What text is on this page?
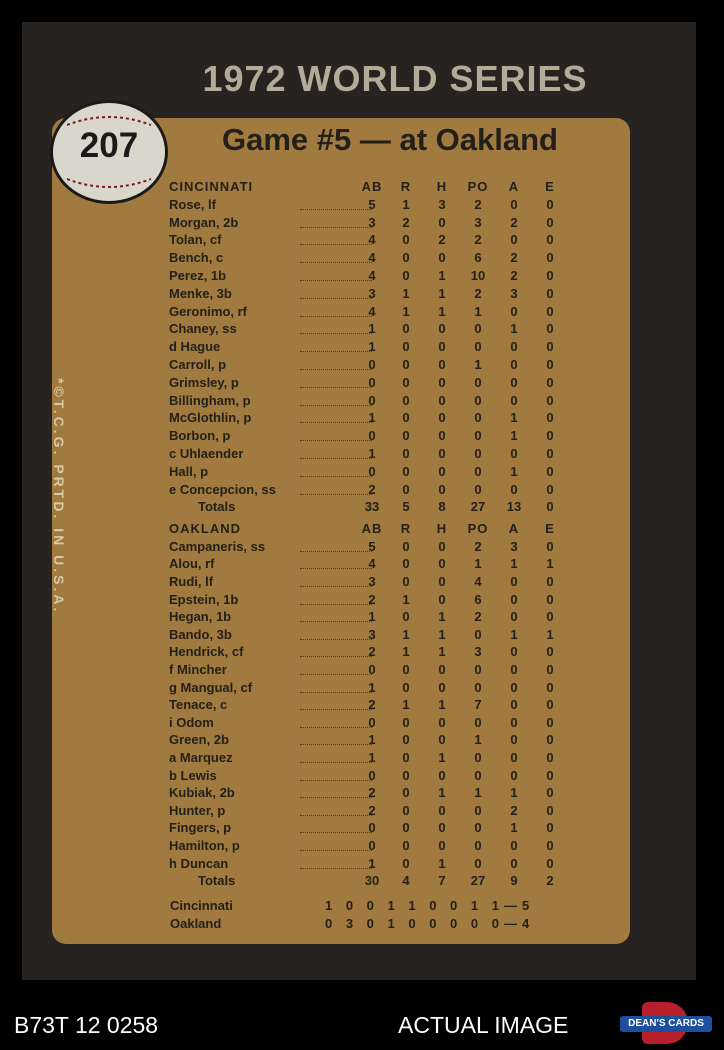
1972 WORLD SERIES
207	Game #5 — at Oakland
*©T.C.G. PRTD. IN U.S.A.
CINCINNATI	AB	R	H	PO	A	E
Rose, lf	5	1	3	2	0	0
Morgan, 2b	3	2	0	3	2	0
Tolan, cf	4	0	2	2	0	0
Bench, c	4	0	0	6	2	0
Perez, 1b	4	0	1	10	2	0
Menke, 3b	3	1	1	2	3	0
Geronimo, rf	4	1	1	1	0	0
Chaney, ss	1	0	0	0	1	0
d Hague	1	0	0	0	0	0
Carroll, p	0	0	0	1	0	0
Grimsley, p	0	0	0	0	0	0
Billingham, p	0	0	0	0	0	0
McGlothlin, p	1	0	0	0	1	0
Borbon, p	0	0	0	0	1	0
c Uhlaender	1	0	0	0	0	0
Hall, p	0	0	0	0	1	0
e Concepcion, ss	2	0	0	0	0	0
Totals	33	5	8	27	13	0
OAKLAND	AB	R	H	PO	A	E
Campaneris, ss	5	0	0	2	3	0
Alou, rf	4	0	0	1	1	1
Rudi, lf	3	0	0	4	0	0
Epstein, 1b	2	1	0	6	0	0
Hegan, 1b	1	0	1	2	0	0
Bando, 3b	3	1	1	0	1	1
Hendrick, cf	2	1	1	3	0	0
f Mincher	0	0	0	0	0	0
g Mangual, cf	1	0	0	0	0	0
Tenace, c	2	1	1	7	0	0
i Odom	0	0	0	0	0	0
Green, 2b	1	0	0	1	0	0
a Marquez	1	0	1	0	0	0
b Lewis	0	0	0	0	0	0
Kubiak, 2b	2	0	1	1	1	0
Hunter, p	2	0	0	0	2	0
Fingers, p	0	0	0	0	1	0
Hamilton, p	0	0	0	0	0	0
h Duncan	1	0	1	0	0	0
Totals	30	4	7	27	9	2
Cincinnati	1 0 0 1 1 0 0 1 1—5
Oakland	0 3 0 1 0 0 0 0 0—4
B73T 12 0258	ACTUAL IMAGE	DEAN'S CARDS
